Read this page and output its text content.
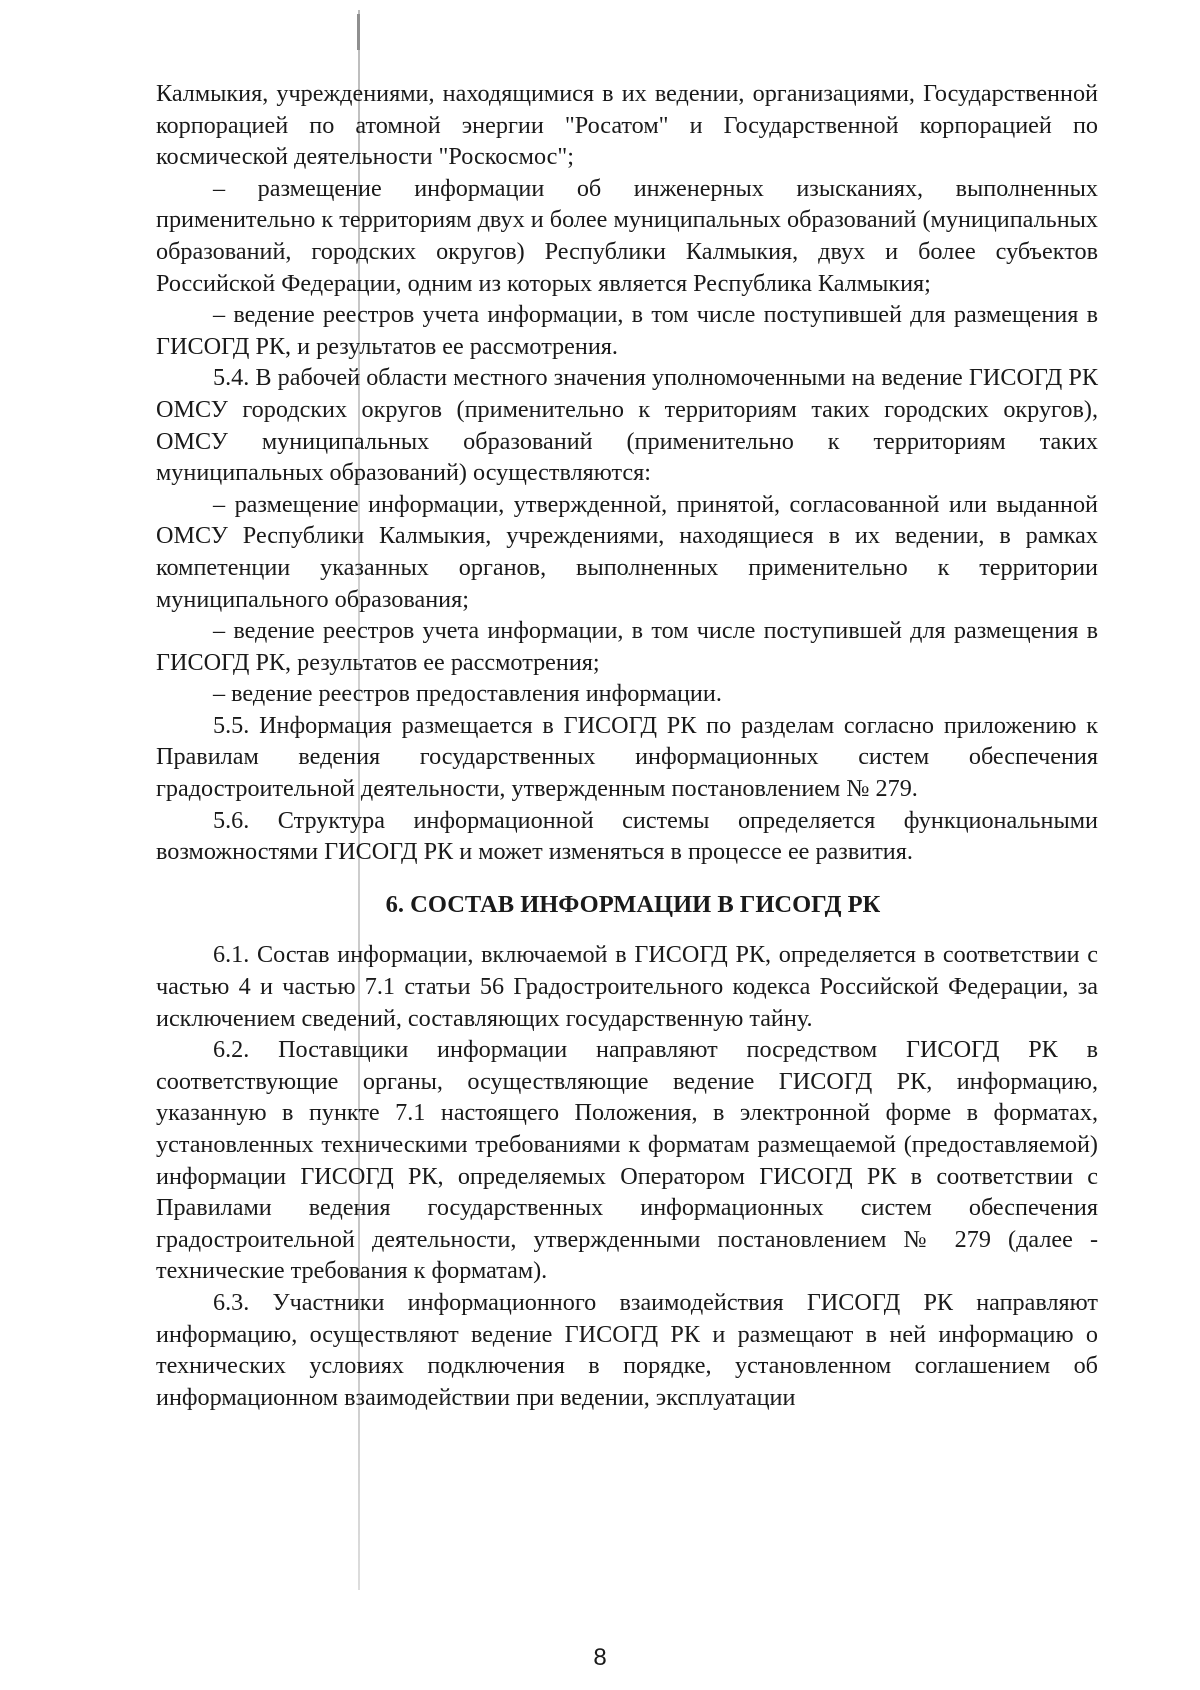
Калмыкия, учреждениями, находящимися в их ведении, организациями, Государственной корпорацией по атомной энергии "Росатом" и Государственной корпорацией по космической деятельности "Роскосмос";

– размещение информации об инженерных изысканиях, выполненных применительно к территориям двух и более муниципальных образований (муниципальных образований, городских округов) Республики Калмыкия, двух и более субъектов Российской Федерации, одним из которых является Республика Калмыкия;

– ведение реестров учета информации, в том числе поступившей для размещения в ГИСОГД РК, и результатов ее рассмотрения.

5.4. В рабочей области местного значения уполномоченными на ведение ГИСОГД РК ОМСУ городских округов (применительно к территориям таких городских округов), ОМСУ муниципальных образований (применительно к территориям таких муниципальных образований) осуществляются:

– размещение информации, утвержденной, принятой, согласованной или выданной ОМСУ Республики Калмыкия, учреждениями, находящиеся в их ведении, в рамках компетенции указанных органов, выполненных применительно к территории муниципального образования;

– ведение реестров учета информации, в том числе поступившей для размещения в ГИСОГД РК, результатов ее рассмотрения;

– ведение реестров предоставления информации.

5.5. Информация размещается в ГИСОГД РК по разделам согласно приложению к Правилам ведения государственных информационных систем обеспечения градостроительной деятельности, утвержденным постановлением № 279.

5.6. Структура информационной системы определяется функциональными возможностями ГИСОГД РК и может изменяться в процессе ее развития.

6. СОСТАВ ИНФОРМАЦИИ В ГИСОГД РК

6.1. Состав информации, включаемой в ГИСОГД РК, определяется в соответствии с частью 4 и частью 7.1 статьи 56 Градостроительного кодекса Российской Федерации, за исключением сведений, составляющих государственную тайну.

6.2. Поставщики информации направляют посредством ГИСОГД РК в соответствующие органы, осуществляющие ведение ГИСОГД РК, информацию, указанную в пункте 7.1 настоящего Положения, в электронной форме в форматах, установленных техническими требованиями к форматам размещаемой (предоставляемой) информации ГИСОГД РК, определяемых Оператором ГИСОГД РК в соответствии с Правилами ведения государственных информационных систем обеспечения градостроительной деятельности, утвержденными постановлением № 279 (далее - технические требования к форматам).

6.3. Участники информационного взаимодействия ГИСОГД РК направляют информацию, осуществляют ведение ГИСОГД РК и размещают в ней информацию о технических условиях подключения в порядке, установленном соглашением об информационном взаимодействии при ведении, эксплуатации

8
